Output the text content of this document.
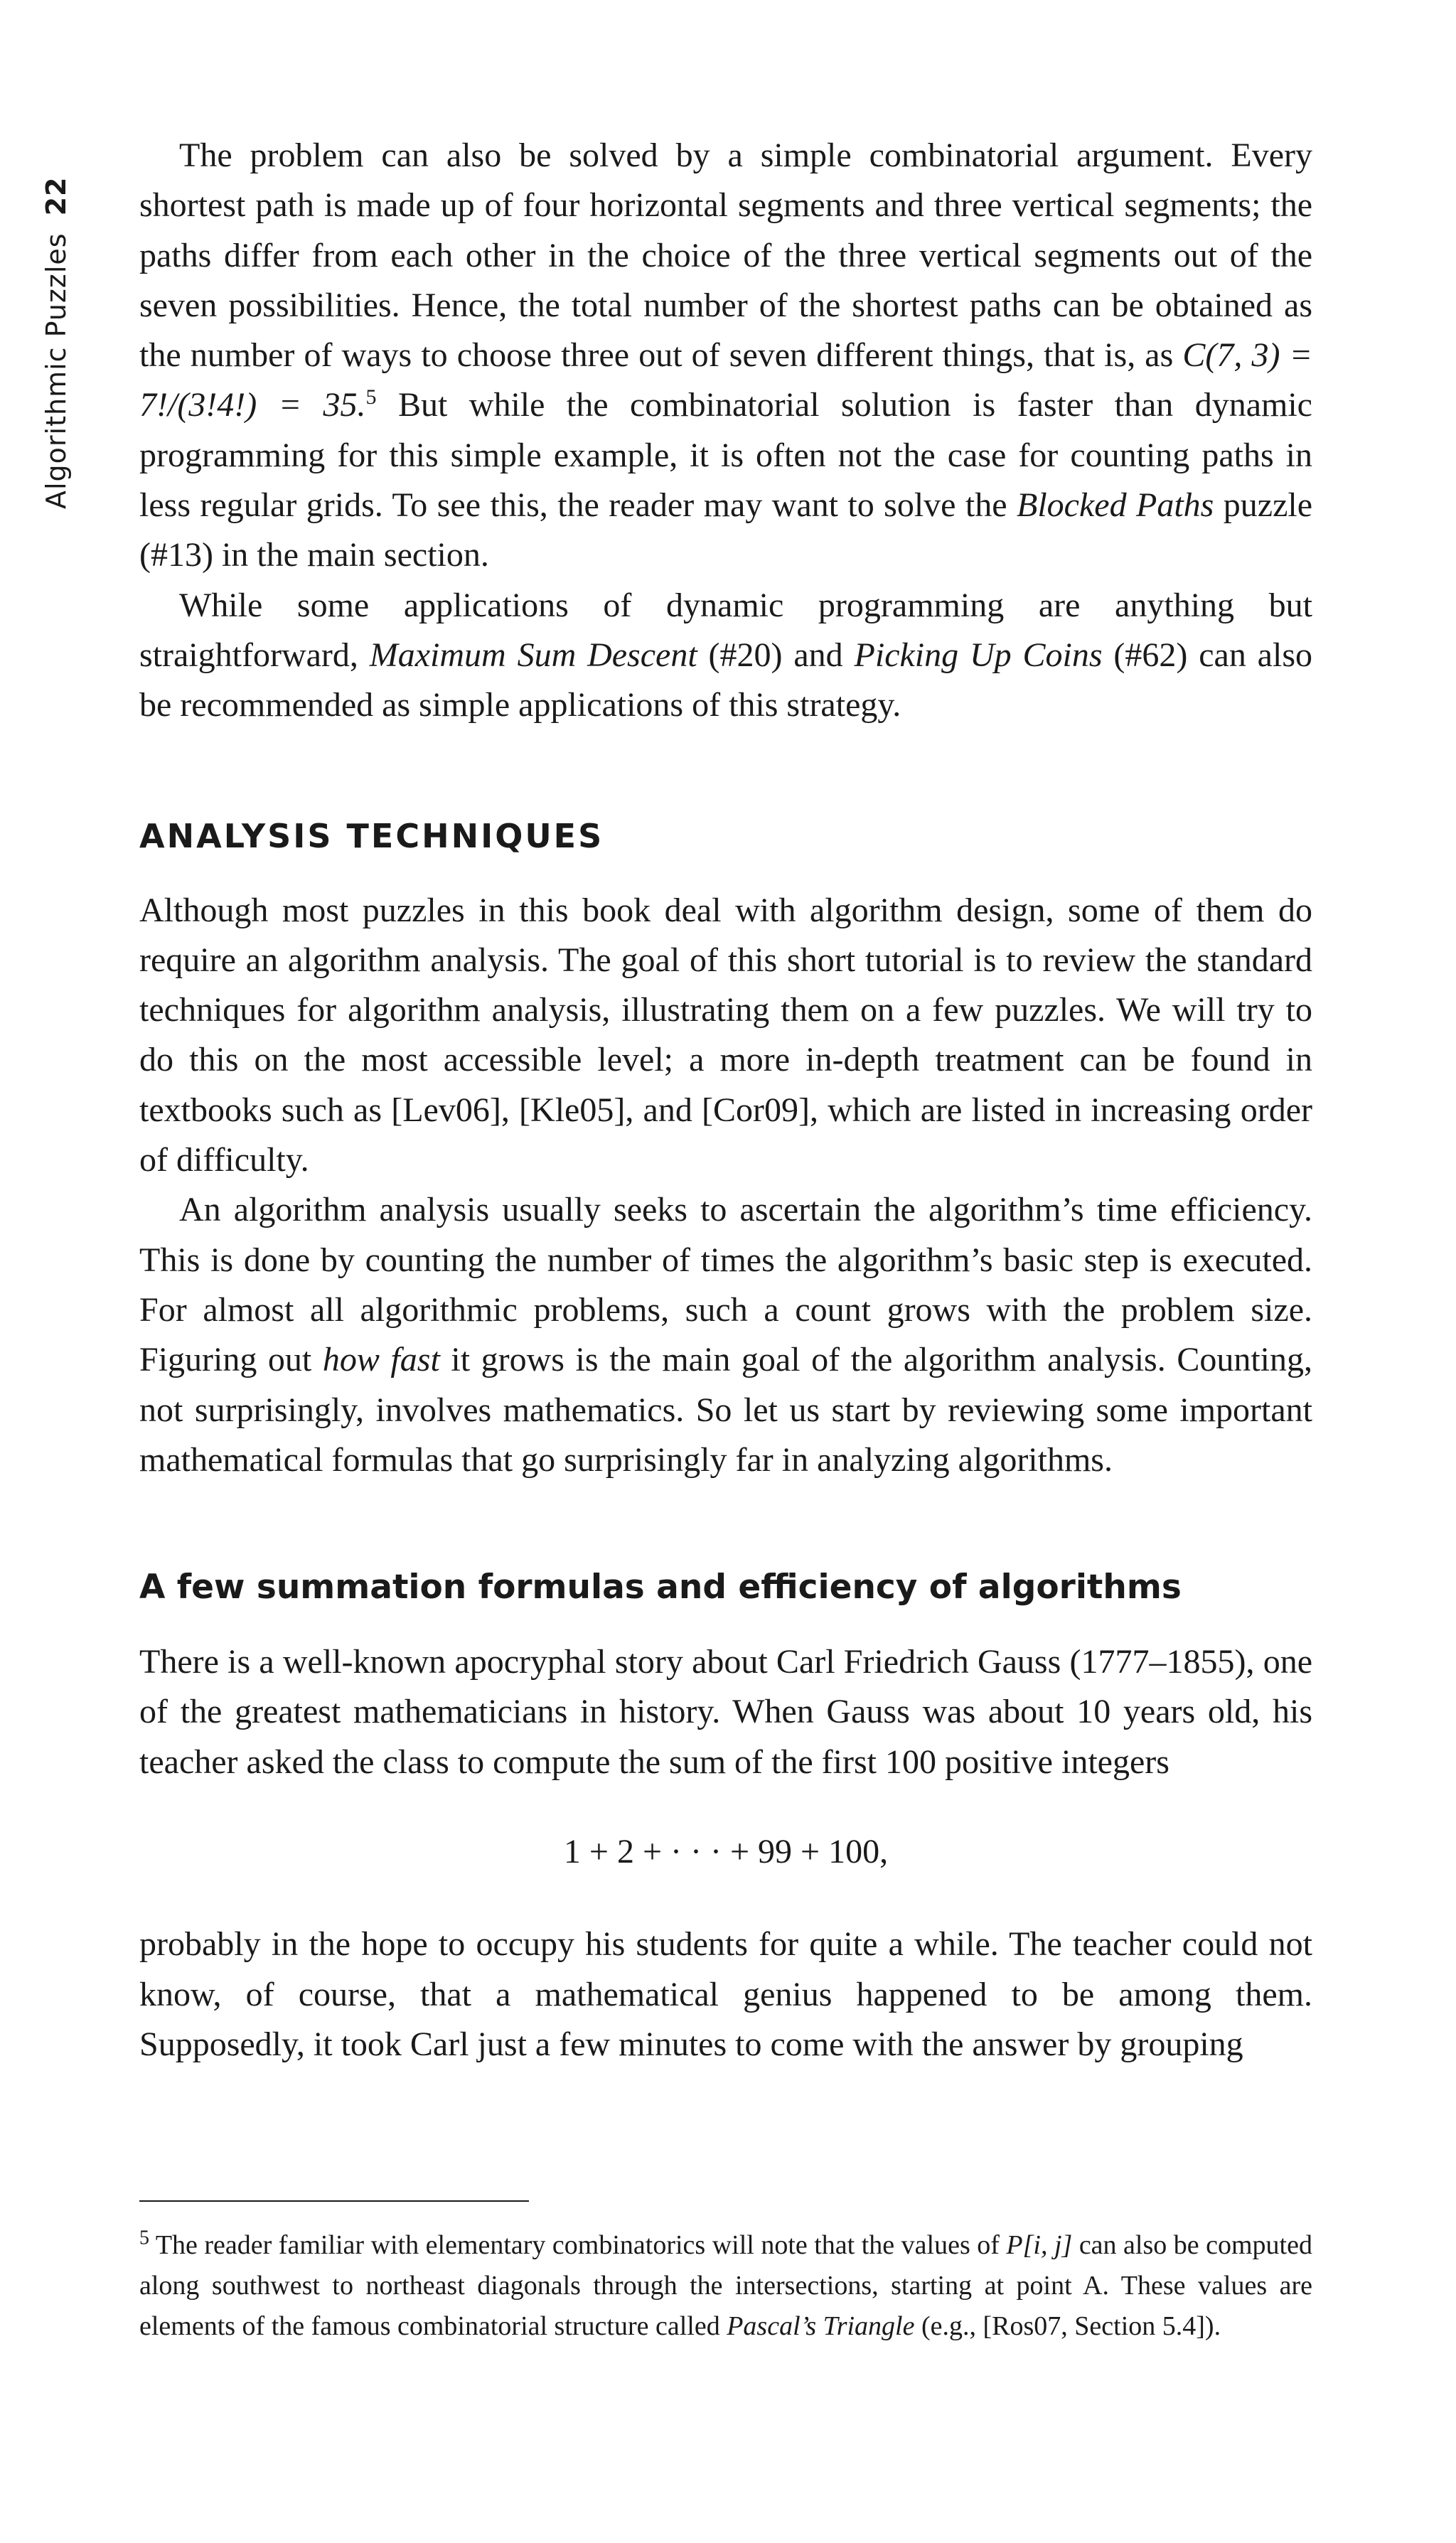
Algorithmic Puzzles
22

The problem can also be solved by a simple combinatorial argument. Every shortest path is made up of four horizontal segments and three vertical segments; the paths differ from each other in the choice of the three vertical segments out of the seven possibilities. Hence, the total number of the shortest paths can be obtained as the number of ways to choose three out of seven different things, that is, as C(7, 3) = 7!/(3!4!) = 35.$^5$ But while the combinatorial solution is faster than dynamic programming for this simple example, it is often not the case for counting paths in less regular grids. To see this, the reader may want to solve the Blocked Paths puzzle (#13) in the main section.

While some applications of dynamic programming are anything but straightforward, Maximum Sum Descent (#20) and Picking Up Coins (#62) can also be recommended as simple applications of this strategy.

ANALYSIS TECHNIQUES

Although most puzzles in this book deal with algorithm design, some of them do require an algorithm analysis. The goal of this short tutorial is to review the standard techniques for algorithm analysis, illustrating them on a few puzzles. We will try to do this on the most accessible level; a more in-depth treatment can be found in textbooks such as [Lev06], [Kle05], and [Cor09], which are listed in increasing order of difficulty.

An algorithm analysis usually seeks to ascertain the algorithm’s time efficiency. This is done by counting the number of times the algorithm’s basic step is executed. For almost all algorithmic problems, such a count grows with the problem size. Figuring out how fast it grows is the main goal of the algorithm analysis. Counting, not surprisingly, involves mathematics. So let us start by reviewing some important mathematical formulas that go surprisingly far in analyzing algorithms.

A few summation formulas and efficiency of algorithms

There is a well-known apocryphal story about Carl Friedrich Gauss (1777–1855), one of the greatest mathematicians in history. When Gauss was about 10 years old, his teacher asked the class to compute the sum of the first 100 positive integers

1 + 2 + · · · + 99 + 100,

probably in the hope to occupy his students for quite a while. The teacher could not know, of course, that a mathematical genius happened to be among them. Supposedly, it took Carl just a few minutes to come with the answer by grouping

$^5$ The reader familiar with elementary combinatorics will note that the values of P[i, j] can also be computed along southwest to northeast diagonals through the intersections, starting at point A. These values are elements of the famous combinatorial structure called Pascal’s Triangle (e.g., [Ros07, Section 5.4]).
